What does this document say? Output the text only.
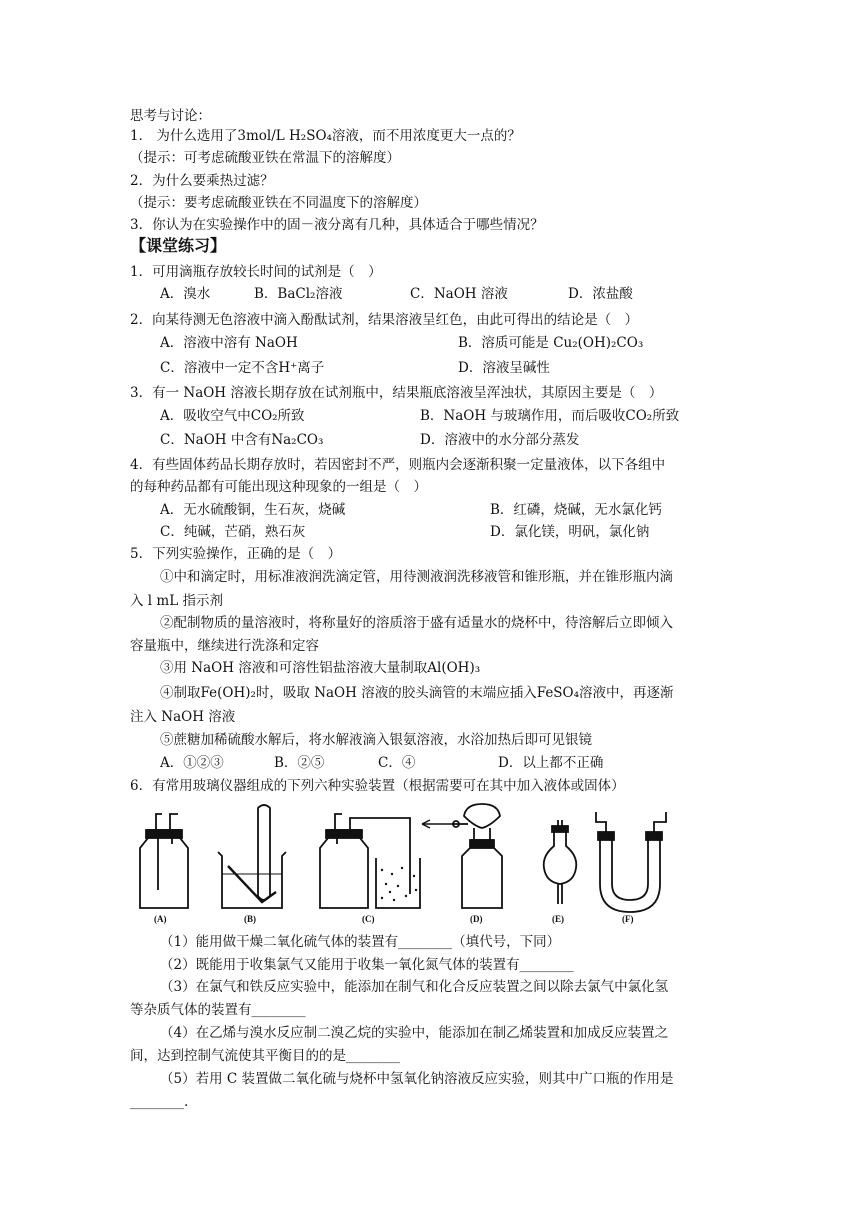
思考与讨论：
1． 为什么选用了3mol/L H₂SO₄溶液，而不用浓度更大一点的？
（提示：可考虑硫酸亚铁在常温下的溶解度）
2．为什么要乘热过滤？
（提示：要考虑硫酸亚铁在不同温度下的溶解度）
3．你认为在实验操作中的固－液分离有几种，具体适合于哪些情况？
【课堂练习】
1．可用滴瓶存放较长时间的试剂是（　）
A．溴水	B．BaCl₂溶液	C．NaOH 溶液	D．浓盐酸
2．向某待测无色溶液中滴入酚酞试剂，结果溶液呈红色，由此可得出的结论是（　）
A．溶液中溶有 NaOH	B．溶质可能是 Cu₂(OH)₂CO₃
C．溶液中一定不含H⁺离子	D．溶液呈碱性
3．有一 NaOH 溶液长期存放在试剂瓶中，结果瓶底溶液呈浑浊状，其原因主要是（　）
A．吸收空气中CO₂所致	B．NaOH 与玻璃作用，而后吸收CO₂所致
C．NaOH 中含有Na₂CO₃	D．溶液中的水分部分蒸发
4．有些固体药品长期存放时，若因密封不严，则瓶内会逐渐积聚一定量液体，以下各组中
的每种药品都有可能出现这种现象的一组是（　）
A．无水硫酸铜，生石灰，烧碱	B．红磷，烧碱，无水氯化钙
C．纯碱，芒硝，熟石灰	D．氯化镁，明矾，氯化钠
5．下列实验操作，正确的是（　）
①中和滴定时，用标准液润洗滴定管，用待测液润洗移液管和锥形瓶，并在锥形瓶内滴
入 l mL 指示剂
②配制物质的量溶液时，将称量好的溶质溶于盛有适量水的烧杯中，待溶解后立即倾入
容量瓶中，继续进行洗涤和定容
③用 NaOH 溶液和可溶性铝盐溶液大量制取Al(OH)₃
④制取Fe(OH)₂时，吸取 NaOH 溶液的胶头滴管的末端应插入FeSO₄溶液中，再逐渐
注入 NaOH 溶液
⑤蔗糖加稀硫酸水解后，将水解液滴入银氨溶液，水浴加热后即可见银镜
A．①②③	B．②⑤	C．④	D．以上都不正确
6．有常用玻璃仪器组成的下列六种实验装置（根据需要可在其中加入液体或固体）
(A)	(B)	(C)	(D)	(E)	(F)
（1）能用做干燥二氧化硫气体的装置有________（填代号，下同）
（2）既能用于收集氯气又能用于收集一氧化氮气体的装置有________
（3）在氯气和铁反应实验中，能添加在制气和化合反应装置之间以除去氯气中氯化氢
等杂质气体的装置有________
（4）在乙烯与溴水反应制二溴乙烷的实验中，能添加在制乙烯装置和加成反应装置之
间，达到控制气流使其平衡目的的是________
（5）若用 C 装置做二氧化硫与烧杯中氢氧化钠溶液反应实验，则其中广口瓶的作用是
________.
